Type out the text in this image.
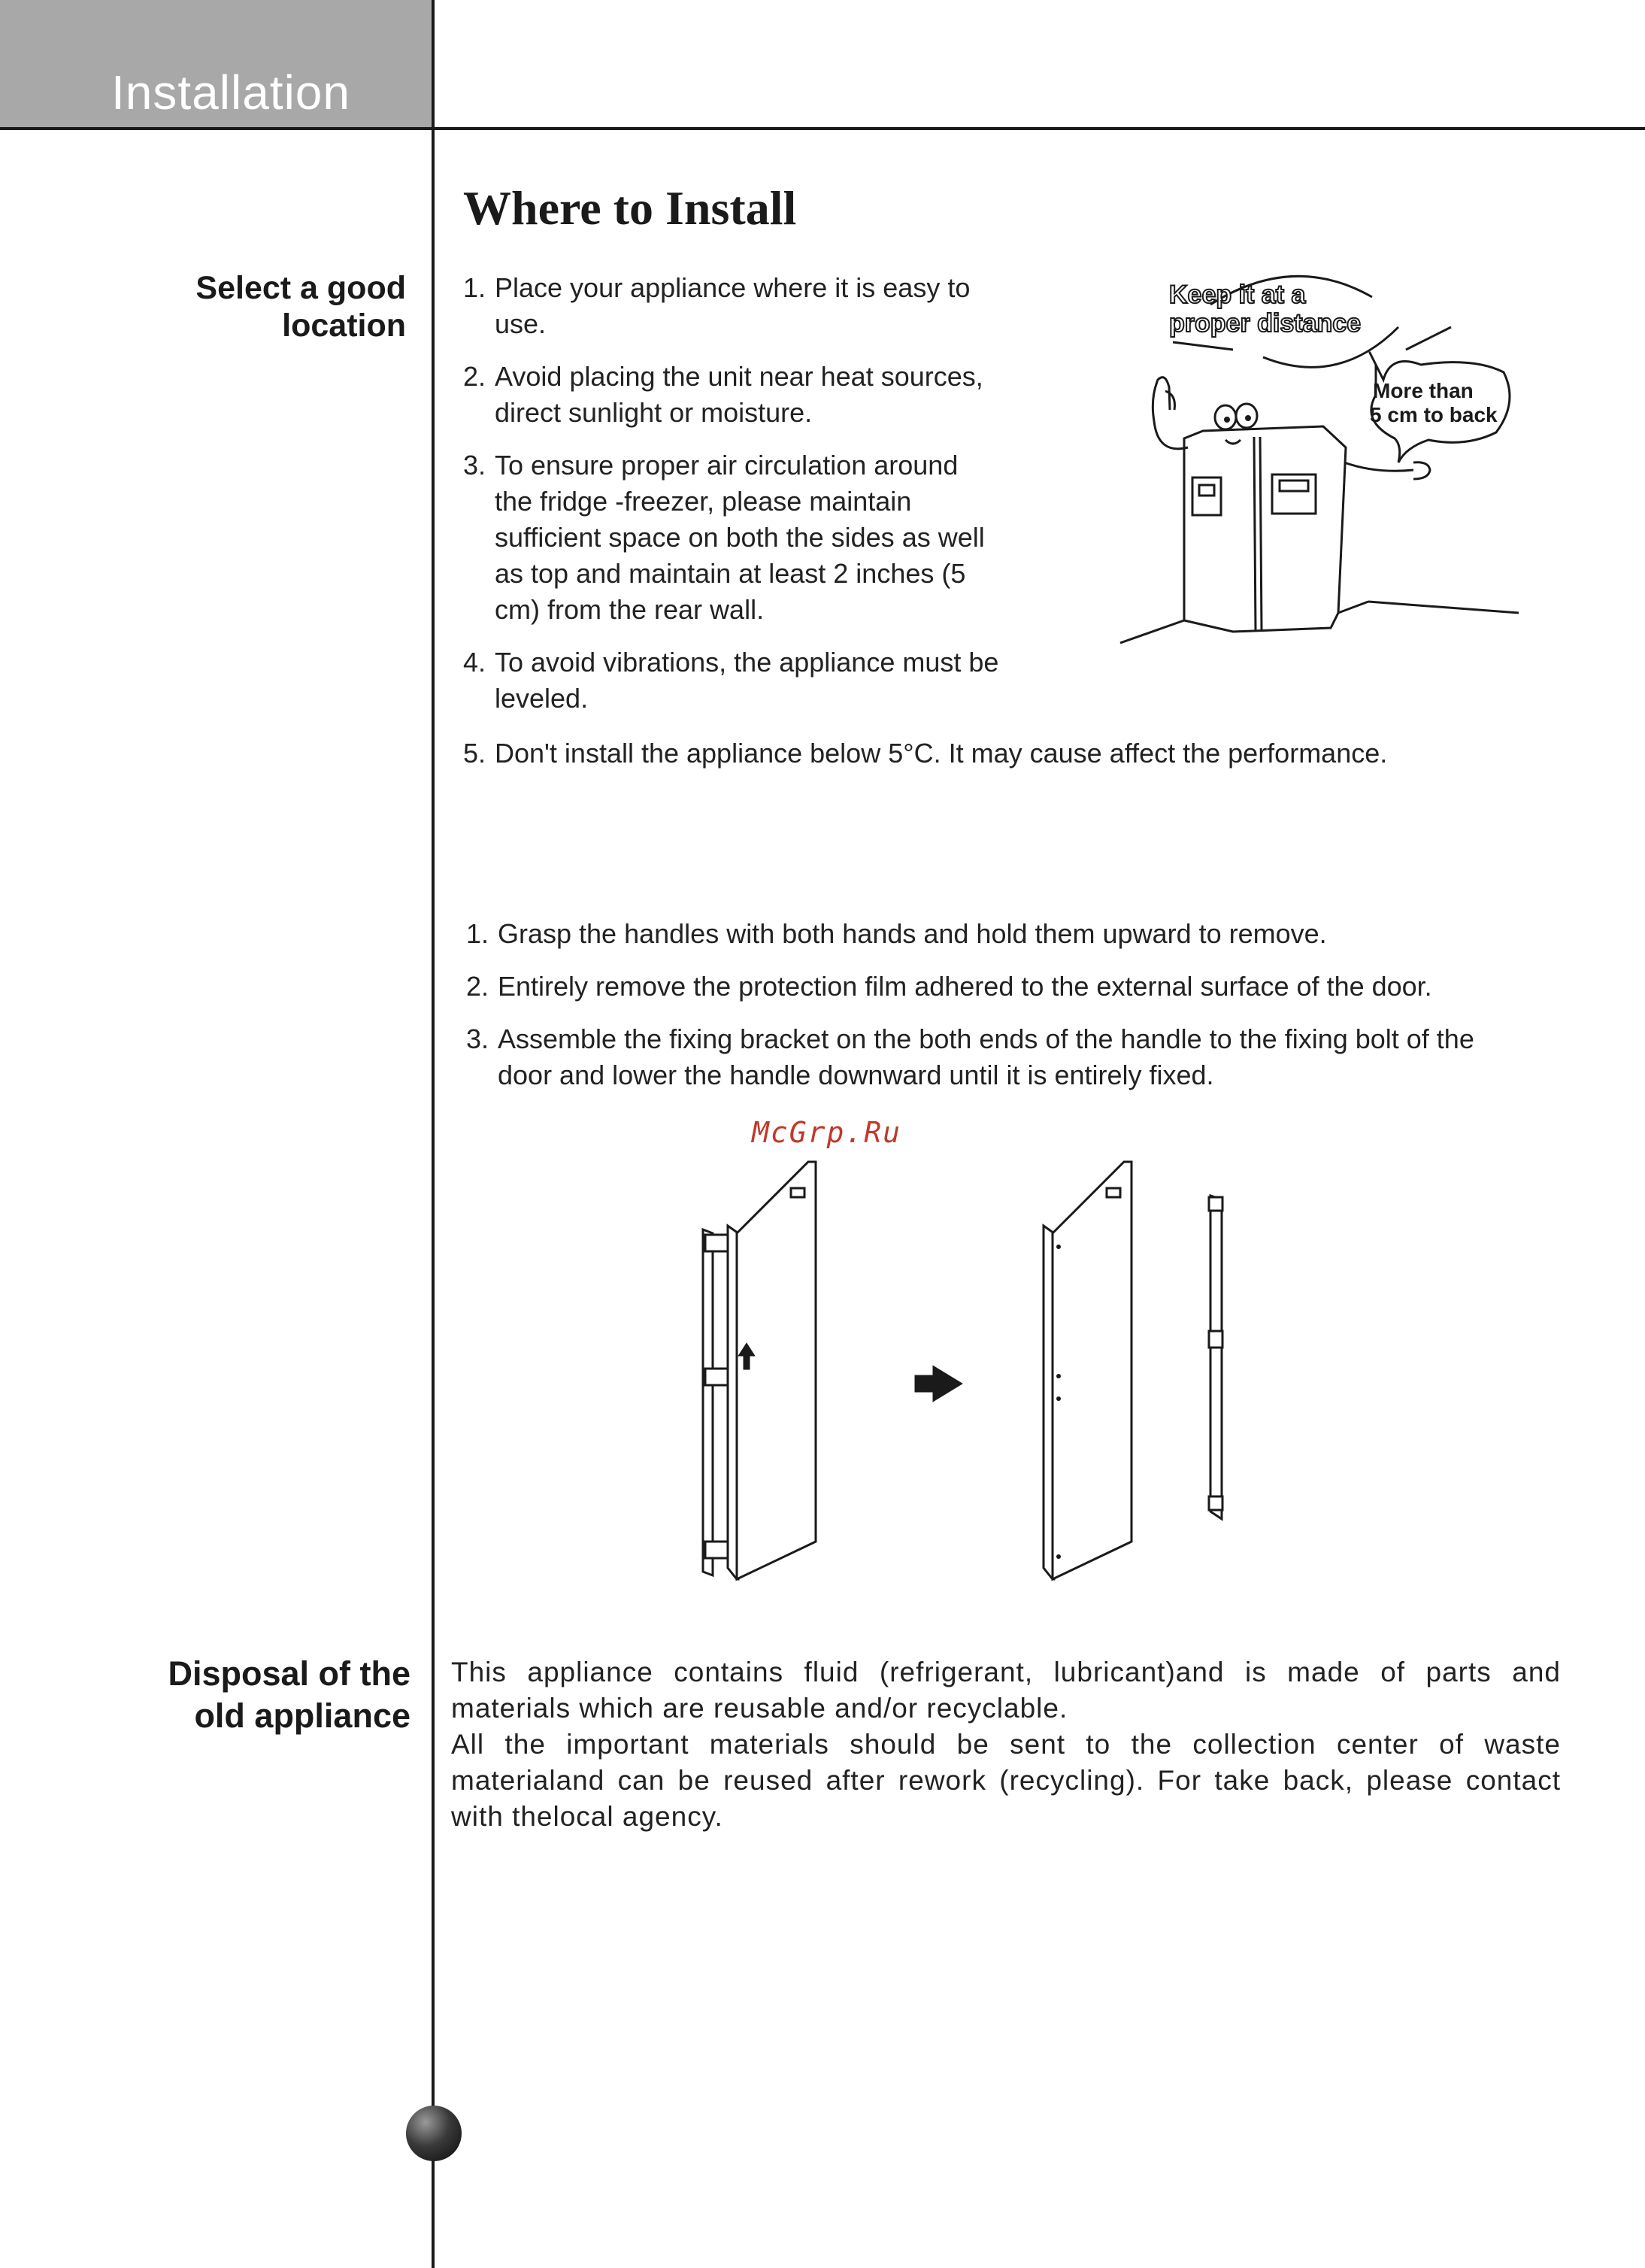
Installation
Where to Install
Select a good
location
1. Place your appliance where it is easy to use.
2. Avoid placing the unit near heat sources, direct sunlight or moisture.
3. To ensure proper air circulation around the fridge -freezer, please maintain sufficient space on both the sides as well as top and maintain at least 2 inches (5 cm) from the rear wall.
4. To avoid vibrations, the appliance must be leveled.
5. Don't install the appliance below 5°C. It may cause affect the performance.
Keep it at a
proper distance
More than
5 cm to back
1. Grasp the handles with both hands and hold them upward to remove.
2. Entirely remove the protection film adhered to the external surface of the door.
3. Assemble the fixing bracket on the both ends of the handle to the fixing bolt of the door and lower the handle downward until it is entirely fixed.
McGrp.Ru
Disposal of the
old appliance

This appliance contains fluid (refrigerant, lubricant)and is made of parts and materials which are reusable and/or recyclable.

All the important materials should be sent to the collection center of waste materialand can be reused after rework (recycling). For take back, please contact with thelocal agency.
